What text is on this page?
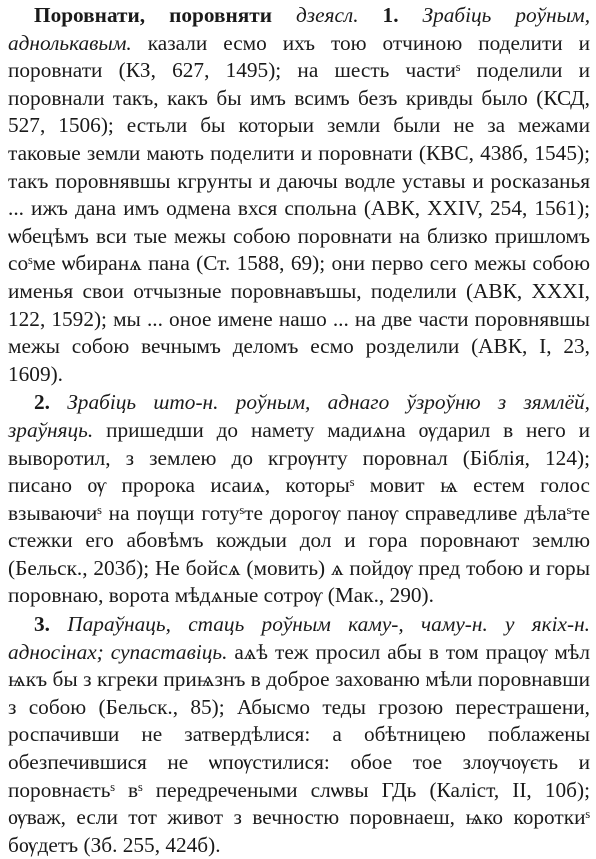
Поровнати, поровняти дзеясл. 1. Зрабіць роўным, аднолькавым. казали есмо ихъ тою отчиною поделити и поровнати (КЗ, 627, 1495); на шесть частиˢ поделили и поровнали такъ, какъ бы имъ всимъ безъ кривды было (КСД, 527, 1506); естьли бы которыи земли были не за межами таковые земли мають поделити и поровнати (КВС, 438б, 1545); такъ поровнявшы кгрунты и даючы водле уставы и росказанья ... ижъ дана имъ одмена вхся спольна (АВК, XXIV, 254, 1561); ѡбецѣмъ вси тые межы собою поровнати на близко пришломъ соˢме ѡбиранѧ пана (Ст. 1588, 69); они перво сего межы собою именья свои отчызные поровнавъшы, поделили (АВК, XXXI, 122, 1592); мы ... оное имене нашо ... на две части поровнявшы межы собою вечнымъ деломъ есмо розделили (АВК, I, 23, 1609).

2. Зрабіць што-н. роўным, аднаго ўзроўню з зямлёй, зраўняць. пришедши до намету мадиѧна ѹдарил в него и выворотил, з землею до кгрѹнту поровнал (Біблія, 124); писано ѹ пророка исаиѧ, которыˢ мовит ѩ естем голос взываючиˢ на пѹщи готуˢте дорогѹ панѹ справедливе дѣлаˢте стежки его абовѣмъ кождыи дол и гора поровнают землю (Бельск., 203б); Не бойсѧ (мовить) ѧ пойдѹ пред тобою и горы поровнаю, ворота мѣдѧные сотрѹ (Мак., 290).

3. Параўнаць, стаць роўным каму-, чаму-н. у якіх-н. адносінах; супаставіць. аѧѣ теж просил абы в том працѹ мѣл ѩкъ бы з кгреки приѩзнъ в доброе захованю мѣли поровнавши з собою (Бельск., 85); Абысмо теды грозою перестрашени, роспачивши не затвердѣлися: а обѣтницею поблажены обезпечившися не ѡпѹстилися: обое тое злѹчѹєть и поровнаєтьˢ вˢ передречеными слѡвы ГДь (Каліст, II, 10б); ѹваж, если тот живот з вечностю поровнаеш, ѩко короткиˢ бѹдетъ (Зб. 255, 424б).
